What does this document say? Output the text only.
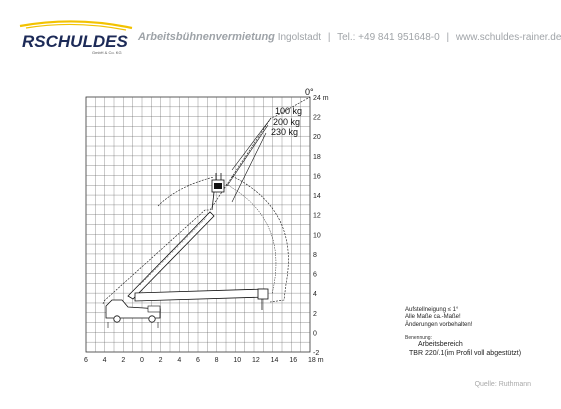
RSCHULDES
GmbH & Co. KG
Arbeitsbühnenvermietung Ingolstadt | Tel.: +49 841 951648-0 | www.schuldes-rainer.de
24 m
22
20
18
16
14
12
10
8
6
4
2
0
-2
6 4 2 0 2 4 6 8 10 12 14 16 18 m
0°
100 kg
200 kg
230 kg
Aufstellneigung ≤ 1°
Alle Maße ca.-Maße!
Änderungen vorbehalten!
Benennung:
Arbeitsbereich
TBR 220/.1(im Profil voll abgestützt)
Quelle: Ruthmann
